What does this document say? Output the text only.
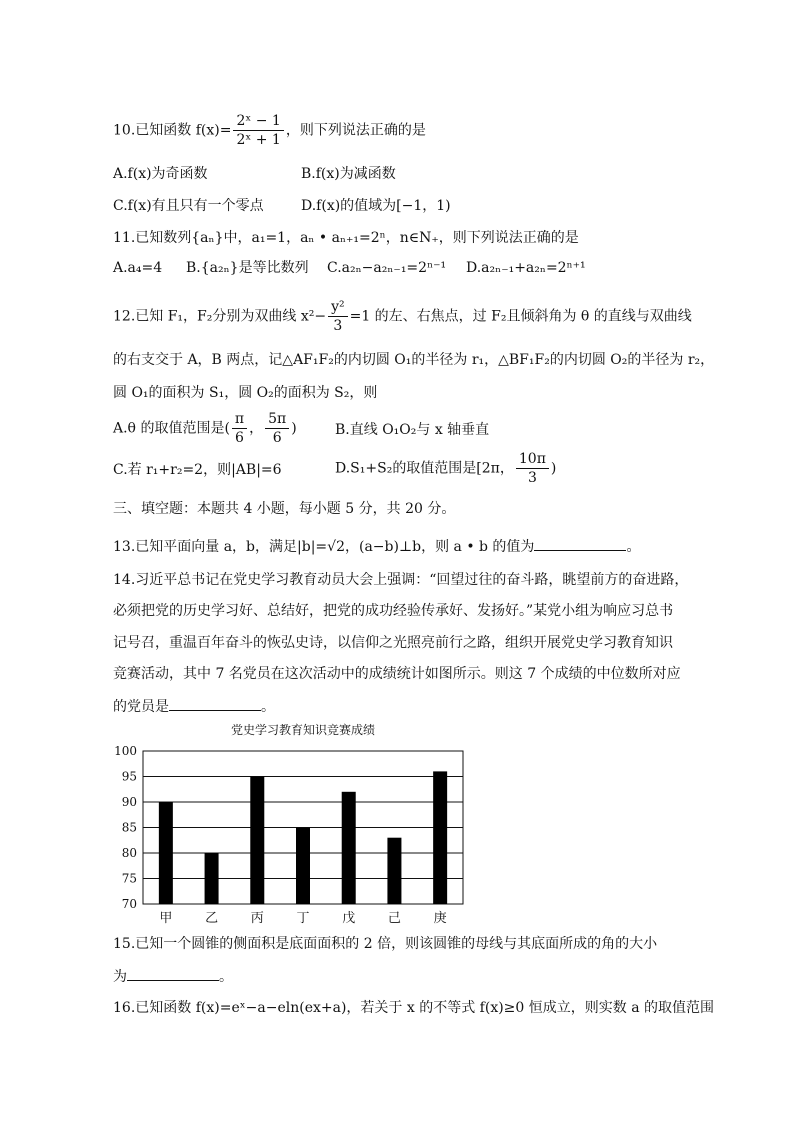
10.已知函数 $f(x)= \frac{\text{2ˣ − 1}}{\text{2ˣ + 1}}$ ，则下列说法正确的是
A.f(x)为奇函数	B.f(x)为减函数
C.f(x)有且只有一个零点	D.f(x)的值域为[−1，1)
11.已知数列{aₙ}中，a₁=1，aₙ • aₙ₊₁=2ⁿ，n∈N₊，则下列说法正确的是
A.a₄=4 B.{a₂ₙ}是等比数列 C.a₂ₙ−a₂ₙ₋₁=2ⁿ⁻¹ D.a₂ₙ₋₁+a₂ₙ=2ⁿ⁺¹
12.已知 F₁，F₂分别为双曲线 $x^2- \frac{\text{y²}}{3} =1$ 的左、右焦点，过 F₂且倾斜角为 θ 的直线与双曲线
的右支交于 A，B 两点，记△AF₁F₂的内切圆 O₁的半径为 r₁，△BF₁F₂的内切圆 O₂的半径为 r₂，
圆 O₁的面积为 S₁，圆 O₂的面积为 S₂，则
A.θ 的取值范围是( $\frac{\pi}{6}$ ， $\frac{5\pi}{6}$ )	B.直线 O₁O₂与 x 轴垂直
C.若 r₁+r₂=2，则|AB|=6	D.S₁+S₂的取值范围是[2π， $\frac{10\pi}{3}$ )
三、填空题：本题共 4 小题，每小题 5 分，共 20 分。
13.已知平面向量 a，b，满足|b|=√2，(a−b)⊥b，则 a • b 的值为	。
14.习近平总书记在党史学习教育动员大会上强调：“回望过往的奋斗路，眺望前方的奋进路，
必须把党的历史学习好、总结好，把党的成功经验传承好、发扬好。”某党小组为响应习总书
记号召，重温百年奋斗的恢弘史诗，以信仰之光照亮前行之路，组织开展党史学习教育知识
竞赛活动，其中 7 名党员在这次活动中的成绩统计如图所示。则这 7 个成绩的中位数所对应
的党员是	。
党史学习教育知识竞赛成绩
70
75
80
85
90
95
100
甲	乙	丙	丁	戊	己	庚
15.已知一个圆锥的侧面积是底面面积的 2 倍，则该圆锥的母线与其底面所成的角的大小
为	。
16.已知函数 f(x)=eˣ−a−eln(ex+a)，若关于 x 的不等式 f(x)≥0 恒成立，则实数 a 的取值范围
